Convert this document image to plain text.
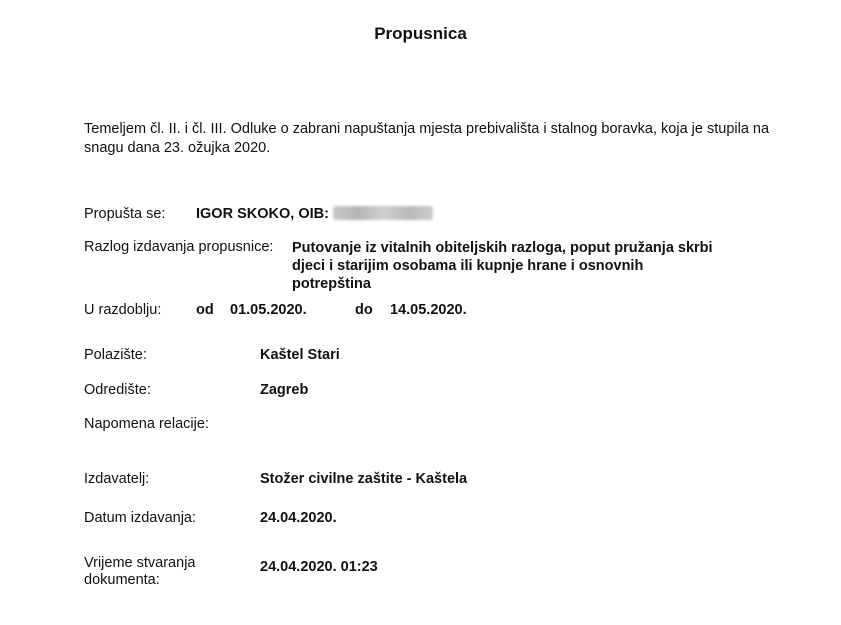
Propusnica
Temeljem čl. II. i čl. III. Odluke o zabrani napuštanja mjesta prebivališta i stalnog boravka, koja je stupila na snagu dana 23. ožujka 2020.
Propušta se: IGOR SKOKO, OIB:
Razlog izdavanja propusnice: Putovanje iz vitalnih obiteljskih razloga, poput pružanja skrbi djeci i starijim osobama ili kupnje hrane i osnovnih potrepština
U razdoblju: od 01.05.2020.	do 14.05.2020.
Polazište:	Kaštel Stari
Odredište:	Zagreb
Napomena relacije:
Izdavatelj:	Stožer civilne zaštite - Kaštela
Datum izdavanja:	24.04.2020.
Vrijeme stvaranja
dokumenta:
24.04.2020. 01:23
